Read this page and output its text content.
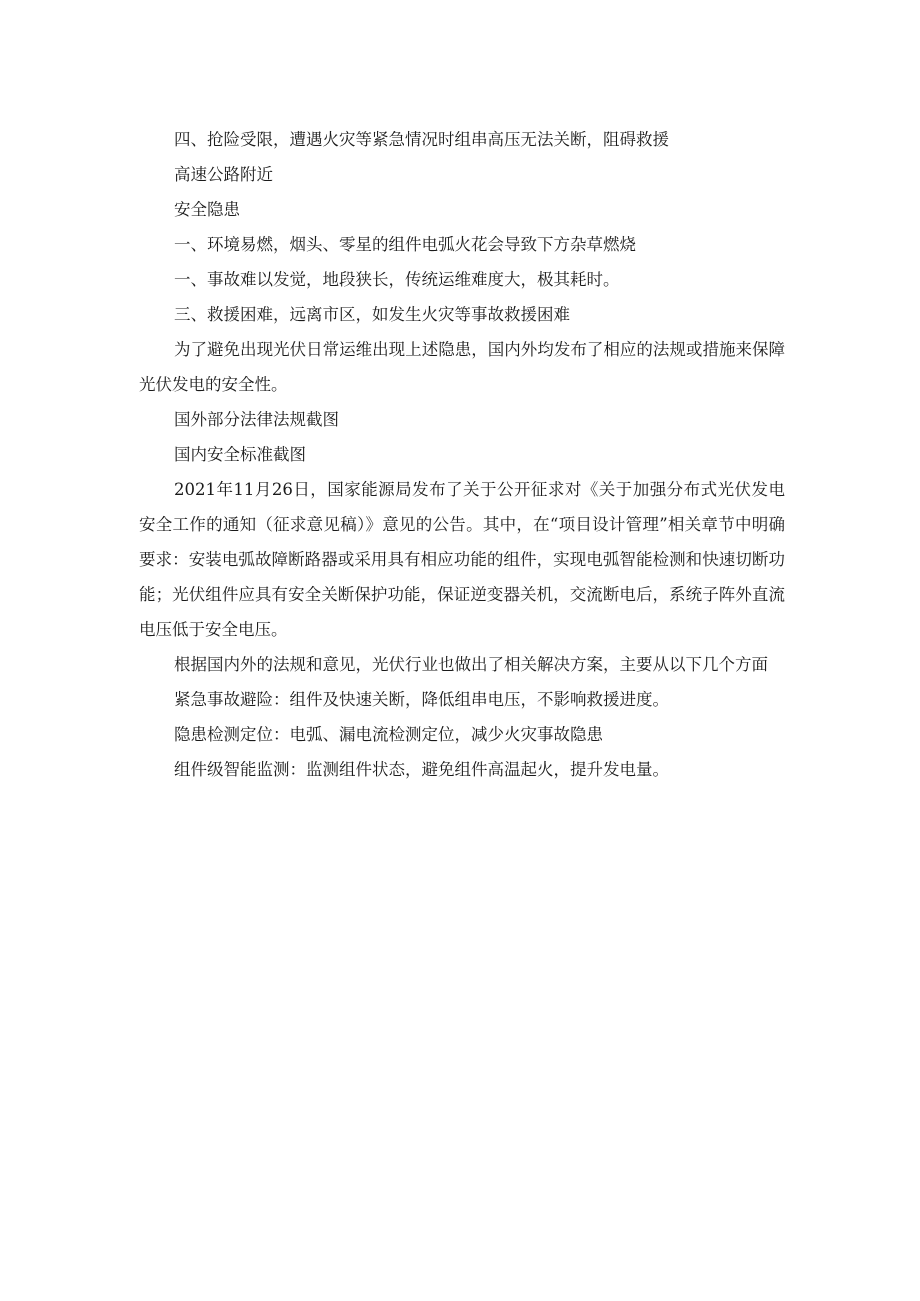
四、抢险受限，遭遇火灾等紧急情况时组串高压无法关断，阻碍救援

高速公路附近

安全隐患

一、环境易燃，烟头、零星的组件电弧火花会导致下方杂草燃烧

一、事故难以发觉，地段狭长，传统运维难度大，极其耗时。

三、救援困难，远离市区，如发生火灾等事故救援困难

为了避免出现光伏日常运维出现上述隐患，国内外均发布了相应的法规或措施来保障光伏发电的安全性。

国外部分法律法规截图

国内安全标准截图

2021年11月26日，国家能源局发布了关于公开征求对《关于加强分布式光伏发电安全工作的通知（征求意见稿）》意见的公告。其中，在“项目设计管理”相关章节中明确要求：安装电弧故障断路器或采用具有相应功能的组件，实现电弧智能检测和快速切断功能；光伏组件应具有安全关断保护功能，保证逆变器关机，交流断电后，系统子阵外直流电压低于安全电压。

根据国内外的法规和意见，光伏行业也做出了相关解决方案，主要从以下几个方面

紧急事故避险：组件及快速关断，降低组串电压，不影响救援进度。

隐患检测定位：电弧、漏电流检测定位，减少火灾事故隐患

组件级智能监测：监测组件状态，避免组件高温起火，提升发电量。
